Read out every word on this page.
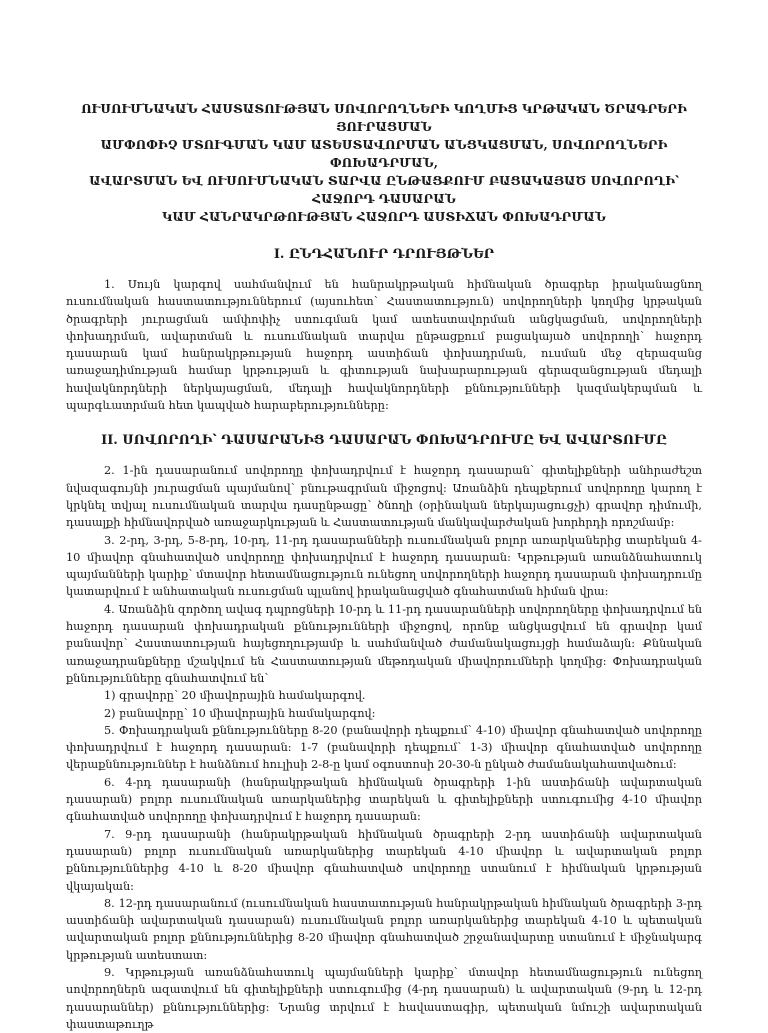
ՈՒՍՈՒՄՆԱԿԱՆ ՀԱՍՏԱՏՈՒԹՅԱՆ ՍՈՎՈՐՈՂՆԵՐԻ ԿՈՂՄԻՑ ԿՐԹԱԿԱՆ ԾՐԱԳՐԵՐԻ ՅՈՒՐԱՑՄԱՆ
ԱՄՓՈՓԻՉ ՄՏՈՒԳՄԱՆ ԿԱՄ ԱՏԵՍՏԱՎՈՐՄԱՆ ԱՆՑԿԱՑՄԱՆ, ՍՈՎՈՐՈՂՆԵՐԻ ՓՈԽԱԴՐՄԱՆ,
ԱՎԱՐՏՄԱՆ ԵՎ ՈՒՍՈՒՄՆԱԿԱՆ ՏԱՐՎԱ ԸՆԹԱՑՔՈՒՄ ԲԱՑԱԿԱՅԱԾ ՍՈՎՈՐՈՂԻ՝ ՀԱՋՈՐԴ ԴԱՍԱՐԱՆ
ԿԱՄ ՀԱՆՐԱԿՐԹՈՒԹՅԱՆ ՀԱՋՈՐԴ ԱՍՏԻՃԱՆ ՓՈԽԱԴՐՄԱՆ
I. ԸՆԴՀԱՆՈՒՐ ԴՐՈՒՅԹՆԵՐ

1. Սույն կարգով սահմանվում են հանրակրթական հիմնական ծրագրեր իրականացնող ուսումնական հաստատություններում (այսուհետ՝ Հաստատություն) սովորողների կողմից կրթական ծրագրերի յուրացման ամփոփիչ ստուգման կամ ատեստավորման անցկացման, սովորողների փոխադրման, ավարտման և ուսումնական տարվա ընթացքում բացակայած սովորողի՝ հաջորդ դասարան կամ հանրակրթության հաջորդ աստիճան փոխադրման, ուսման մեջ զերազանց առաջադիմության համար կրթության և գիտության նախարարության գերազանցության մեդալի հավակնորդների ներկայացման, մեդալի հավակնորդների քննությունների կազմակերպման և պարգևատրման հետ կապված հարաբերությունները:

II. ՍՈՎՈՐՈՂԻ՝ ԴԱՍԱՐԱՆԻՑ ԴԱՍԱՐԱՆ ՓՈԽԱԴՐՈՒՄԸ ԵՎ ԱՎԱՐՏՈՒՄԸ

2. 1-ին դասարանում սովորողը փոխադրվում է հաջորդ դասարան՝ գիտելիքների անհրաժեշտ նվազագույնի յուրացման պայմանով՝ բնութագրման միջոցով: Առանձին դեպքերում սովորողը կարող է կրկնել տվյալ ուսումնական տարվա դասընթացը՝ ծնողի (օրինական ներկայացուցչի) գրավոր դիմումի, դասալքի հիմնավորված առաջարկության և Հաստատության մանկավարժական խորհրդի որոշմամբ:

3. 2-րդ, 3-րդ, 5-8-րդ, 10-րդ, 11-րդ դասարանների ուսումնական բոլոր առարկաներից տարեկան 4-10 միավոր գնահատված սովորողը փոխադրվում է հաջորդ դասարան: Կրթության առանձնահատուկ պայմանների կարիք՝ մտավոր հետամնացություն ունեցող սովորողների հաջորդ դասարան փոխադրումը կատարվում է անհատական ուսուցման պլանով իրականացված գնահատման հիման վրա:

4. Առանձին զործող ավագ դպրոցների 10-րդ և 11-րդ դասարանների սովորողները փոխադրվում են հաջորդ դասարան փոխադրական քննությունների միջոցով, որոնք անցկացվում են գրավոր կամ բանավոր՝ Հաստատության հայեցողությամբ և սահմանված ժամանակացույցի համաձայն: Քննական առաջադրանքները մշակվում են Հաստատության մեթոդական միավորումների կողմից: Փոխադրական քննությունները գնահատվում են՝

1) գրավորը՝ 20 միավորային համակարգով.

2) բանավորը՝ 10 միավորային համակարգով:

5. Փոխադրական քննությունները 8-20 (բանավորի դեպքում՝ 4-10) միավոր գնահատված սովորողը փոխադրվում է հաջորդ դասարան: 1-7 (բանավորի դեպքում՝ 1-3) միավոր գնահատված սովորողը վերաքննություններ է հանձնում հուլիսի 2-8-ը կամ օգոստոսի 20-30-ն ընկած ժամանակահատվածում:

6. 4-րդ դասարանի (հանրակրթական հիմնական ծրագրերի 1-ին աստիճանի ավարտական դասարան) բոլոր ուսումնական առարկաներից տարեկան և գիտելիքների ստուգումից 4-10 միավոր գնահատված սովորողը փոխադրվում է հաջորդ դասարան:

7. 9-րդ դասարանի (հանրակրթական հիմնական ծրագրերի 2-րդ աստիճանի ավարտական դասարան) բոլոր ուսումնական առարկաներից տարեկան 4-10 միավոր և ավարտական բոլոր քննություններից 4-10 և 8-20 միավոր գնահատված սովորողը ստանում է հիմնական կրթության վկայական:

8. 12-րդ դասարանում (ուսումնական հաստատության հանրակրթական հիմնական ծրագրերի 3-րդ աստիճանի ավարտական դասարան) ուսումնական բոլոր առարկաներից տարեկան 4-10 և պետական ավարտական բոլոր քննություններից 8-20 միավոր գնահատված շրջանավարտը ստանում է միջնակարգ կրթության ատեստատ:

9. Կրթության առանձնահատուկ պայմանների կարիք՝ մտավոր հետամնացություն ունեցող սովորողներն ազատվում են գիտելիքների ստուգումից (4-րդ դասարան) և ավարտական (9-րդ և 12-րդ դասարաններ) քննություններից: Նրանց տրվում է հավաստագիր, պետական նմուշի ավարտական փաստաթուղթ
